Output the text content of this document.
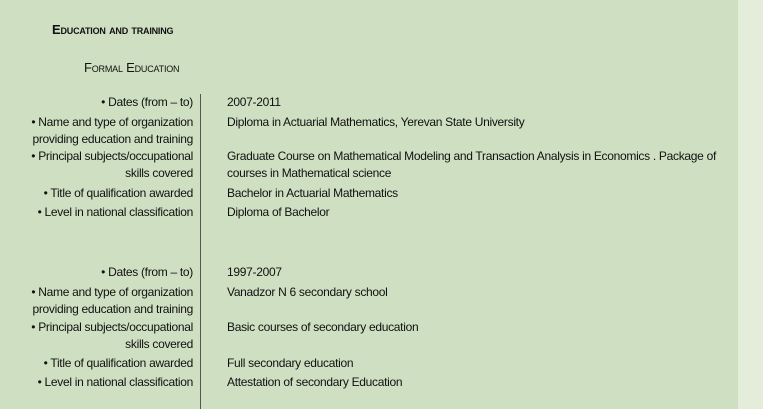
Education and training
Formal Education
• Dates (from – to)
• Name and type of organization
providing education and training
• Principal subjects/occupational
skills covered
• Title of qualification awarded
• Level in national classification
2007-2011
Diploma in Actuarial Mathematics, Yerevan State University
Graduate Course on Mathematical Modeling and Transaction Analysis in Economics . Package of courses in Mathematical science
Bachelor in Actuarial Mathematics
Diploma of Bachelor
• Dates (from – to)
• Name and type of organization
providing education and training
• Principal subjects/occupational
skills covered
• Title of qualification awarded
• Level in national classification
1997-2007
Vanadzor N 6 secondary school
Basic courses of secondary education
Full secondary education
Attestation of secondary Education
